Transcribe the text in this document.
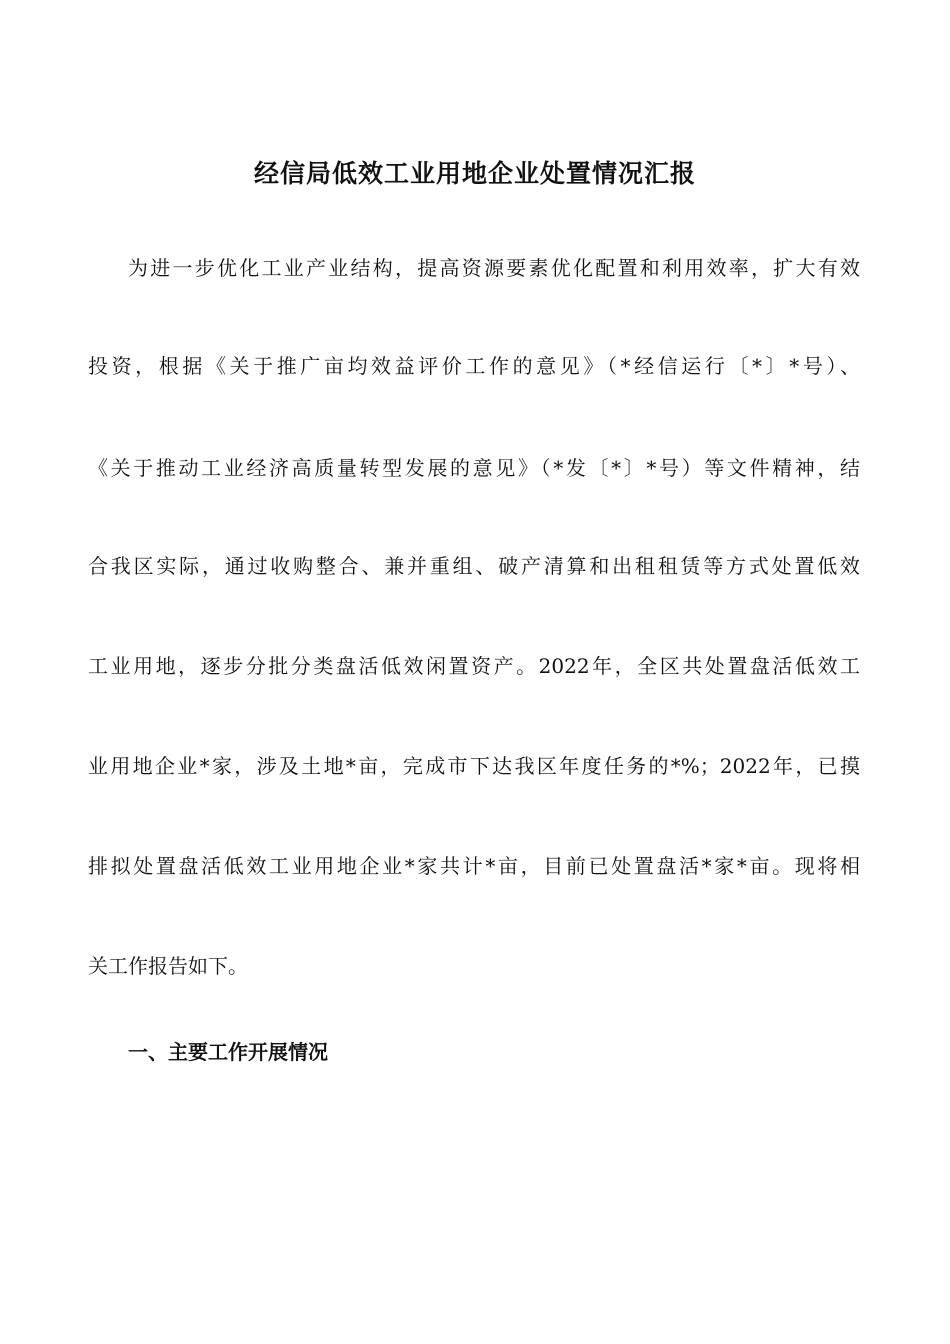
经信局低效工业用地企业处置情况汇报
为进一步优化工业产业结构，提高资源要素优化配置和利用效率，扩大有效
投资，根据《关于推广亩均效益评价工作的意见》（*经信运行〔*〕*号）、
《关于推动工业经济高质量转型发展的意见》（*发〔*〕*号）等文件精神，结
合我区实际，通过收购整合、兼并重组、破产清算和出租租赁等方式处置低效
工业用地，逐步分批分类盘活低效闲置资产。2022年，全区共处置盘活低效工
业用地企业*家，涉及土地*亩，完成市下达我区年度任务的*%；2022年，已摸
排拟处置盘活低效工业用地企业*家共计*亩，目前已处置盘活*家*亩。现将相
关工作报告如下。
一、主要工作开展情况
